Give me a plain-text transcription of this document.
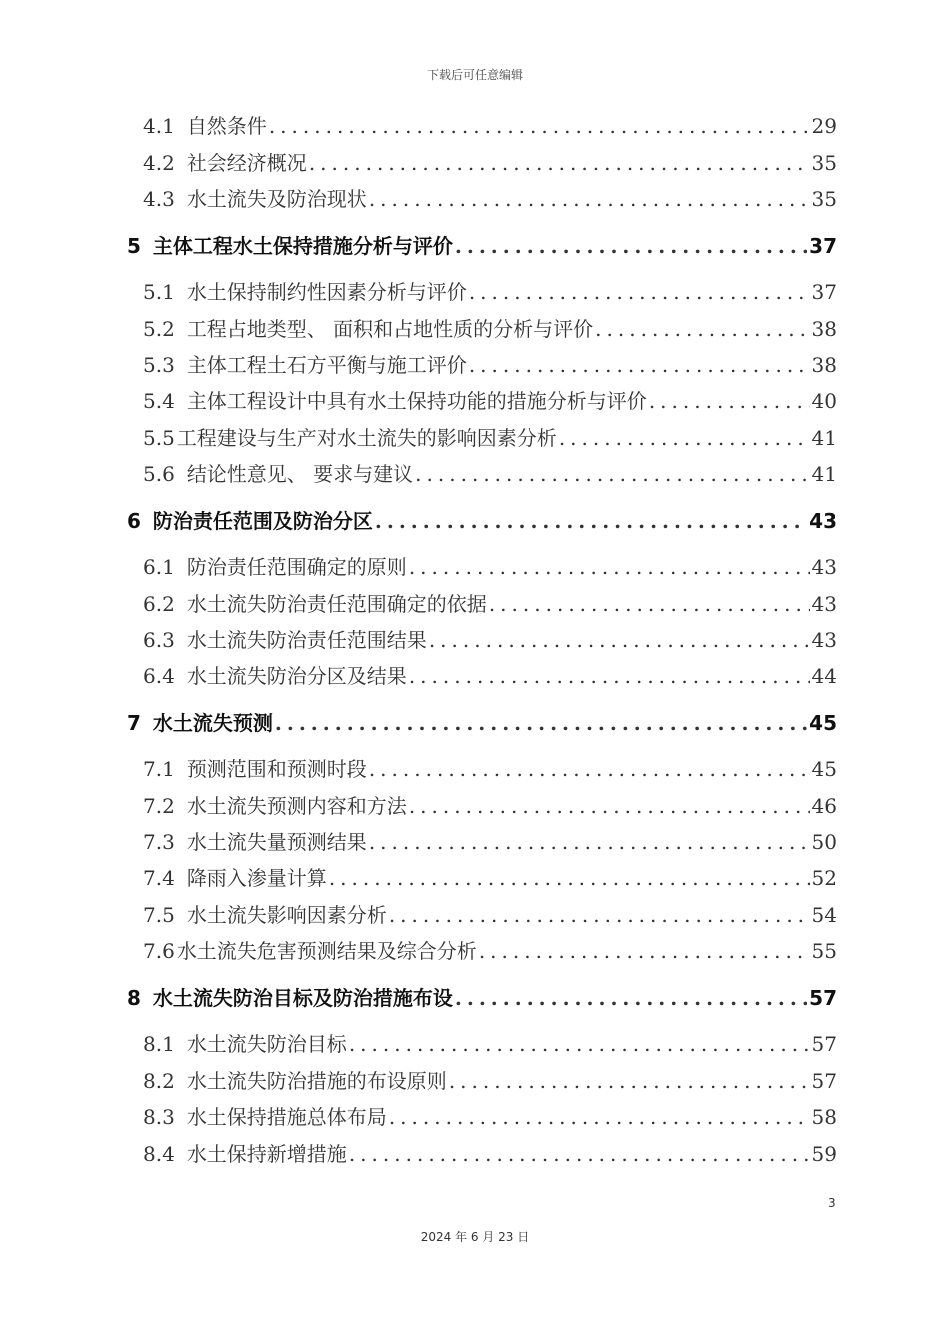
下载后可任意编辑
4.1 自然条件 .....	29
4.2 社会经济概况 .....	35
4.3 水土流失及防治现状 .....	35
5 主体工程水土保持措施分析与评价 .....	37
5.1 水土保持制约性因素分析与评价 .....	37
5.2 工程占地类型、 面积和占地性质的分析与评价 .....	38
5.3 主体工程土石方平衡与施工评价 .....	38
5.4 主体工程设计中具有水土保持功能的措施分析与评价 .....	40
5.5 工程建设与生产对水土流失的影响因素分析 .....	41
5.6 结论性意见、 要求与建议 .....	41
6 防治责任范围及防治分区 .....	43
6.1 防治责任范围确定的原则 .....	43
6.2 水土流失防治责任范围确定的依据 .....	43
6.3 水土流失防治责任范围结果 .....	43
6.4 水土流失防治分区及结果 .....	44
7 水土流失预测 .....	45
7.1 预测范围和预测时段 .....	45
7.2 水土流失预测内容和方法 .....	46
7.3 水土流失量预测结果 .....	50
7.4 降雨入渗量计算 .....	52
7.5 水土流失影响因素分析 .....	54
7.6 水土流失危害预测结果及综合分析 .....	55
8 水土流失防治目标及防治措施布设 .....	57
8.1 水土流失防治目标 .....	57
8.2 水土流失防治措施的布设原则 .....	57
8.3 水土保持措施总体布局 .....	58
8.4 水土保持新增措施 .....	59
3
2024 年 6 月 23 日
